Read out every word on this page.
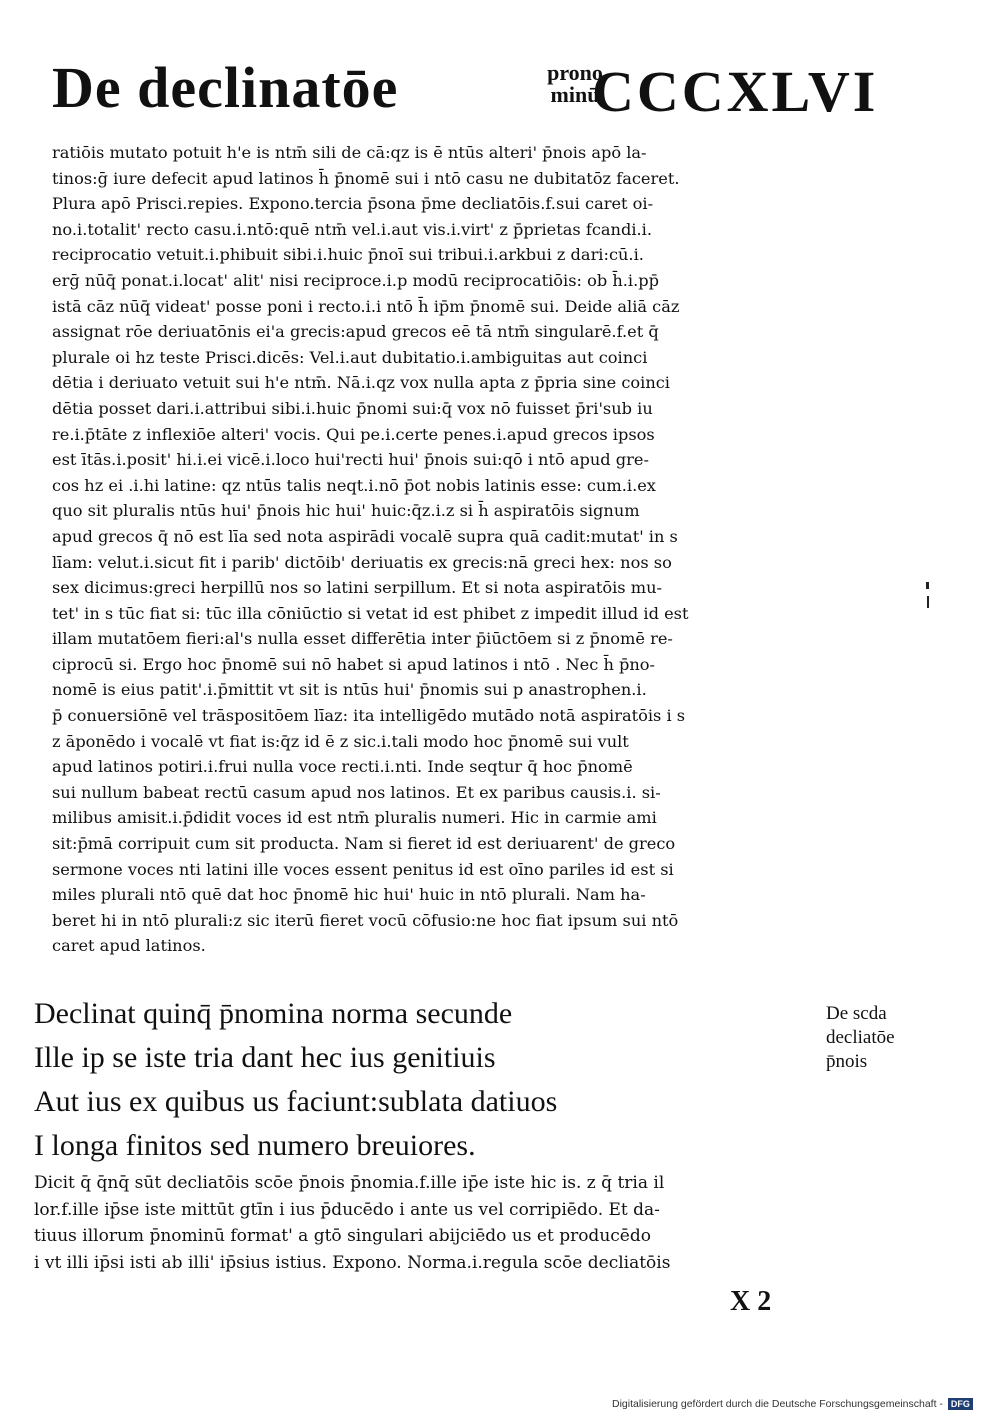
De declinatōe	prono
minū
CCCXLVI
ratiōis mutato potuit h'e is ntm̄ sili de cā:qz is ē ntūs alteri' p̄nois apō la-
tinos:ḡ iure defecit apud latinos h̄ p̄nomē sui i ntō casu ne dubitatōz faceret.
Plura apō Prisci.repies. Expono.tercia p̄sona p̄me decliatōis.f.sui caret oi-
no.i.totalit' recto casu.i.ntō:quē ntm̄ vel.i.aut vis.i.virt' z p̄prietas fcandi.i.
reciprocatio vetuit.i.phibuit sibi.i.huic p̄noī sui tribui.i.arkbui z dari:cū.i.
erḡ nūq̄ ponat.i.locat' alit' nisi reciproce.i.p modū reciprocatiōis: ob h̄.i.pp̄
istā cāz nūq̄ videat' posse poni i recto.i.i ntō h̄ ip̄m p̄nomē sui. Deide aliā cāz
assignat rōe deriuatōnis ei'a grecis:apud grecos eē tā ntm̄ singularē.f.et q̄
plurale oi hz teste Prisci.dicēs: Vel.i.aut dubitatio.i.ambiguitas aut coinci
dētia i deriuato vetuit sui h'e ntm̄. Nā.i.qz vox nulla apta z p̄pria sine coinci
dētia posset dari.i.attribui sibi.i.huic p̄nomi sui:q̄ vox nō fuisset p̄ri'sub iu
re.i.p̄tāte z inflexiōe alteri' vocis. Qui pe.i.certe penes.i.apud grecos ipsos
est ītās.i.posit' hi.i.ei vicē.i.loco hui'recti hui' p̄nois sui:qō i ntō apud gre-
cos hz ei .i.hi latine: qz ntūs talis neqt.i.nō p̄ot nobis latinis esse: cum.i.ex
quo sit pluralis ntūs hui' p̄nois hic hui' huic:q̄z.i.z si h̄ aspiratōis signum
apud grecos q̄ nō est līa sed nota aspirādi vocalē supra quā cadit:mutat' in s
līam: velut.i.sicut fit i parib' dictōib' deriuatis ex grecis:nā greci hex: nos so
sex dicimus:greci herpillū nos so latini serpillum. Et si nota aspiratōis mu-
tet' in s tūc fiat si: tūc illa cōniūctio si vetat id est phibet z impedit illud id est
illam mutatōem fieri:al's nulla esset differētia inter p̄iūctōem si z p̄nomē re-
ciprocū si. Ergo hoc p̄nomē sui nō habet si apud latinos i ntō . Nec h̄ p̄no-
nomē is eius patit'.i.p̄mittit vt sit is ntūs hui' p̄nomis sui p anastrophen.i.
p̄ conuersiōnē vel trāspositōem līaz: ita intelligēdo mutādo notā aspiratōis i s
z āponēdo i vocalē vt fiat is:q̄z id ē z sic.i.tali modo hoc p̄nomē sui vult
apud latinos potiri.i.frui nulla voce recti.i.nti. Inde seqtur q̄ hoc p̄nomē
sui nullum babeat rectū casum apud nos latinos. Et ex paribus causis.i. si-
milibus amisit.i.p̄didit voces id est ntm̄ pluralis numeri. Hic in carmie ami
sit:p̄mā corripuit cum sit producta. Nam si fieret id est deriuarent' de greco
sermone voces nti latini ille voces essent penitus id est oīno pariles id est si
miles plurali ntō quē dat hoc p̄nomē hic hui' huic in ntō plurali. Nam ha-
beret hi in ntō plurali:z sic iterū fieret vocū cōfusio:ne hoc fiat ipsum sui ntō
caret apud latinos.
Declinat quinq̄ p̄nomina norma secunde
Ille ip se iste tria dant hec ius genitiuis
Aut ius ex quibus us faciunt:sublata datiuos
I longa finitos sed numero breuiores.
De scda
decliatōe
p̄nois
Dicit q̄ q̄nq̄ sūt decliatōis scōe p̄nois p̄nomia.f.ille ip̄e iste hic is. z q̄ tria il
lor.f.ille ip̄se iste mittūt gtīn i ius p̄ducēdo i ante us vel corripiēdo. Et da-
tiuus illorum p̄nominū format' a gtō singulari abijciēdo us et producēdo
i vt illi ip̄si isti ab illi' ip̄sius istius. Expono. Norma.i.regula scōe decliatōis
X 2
Digitalisierung gefördert durch die Deutsche Forschungsgemeinschaft - DFG
